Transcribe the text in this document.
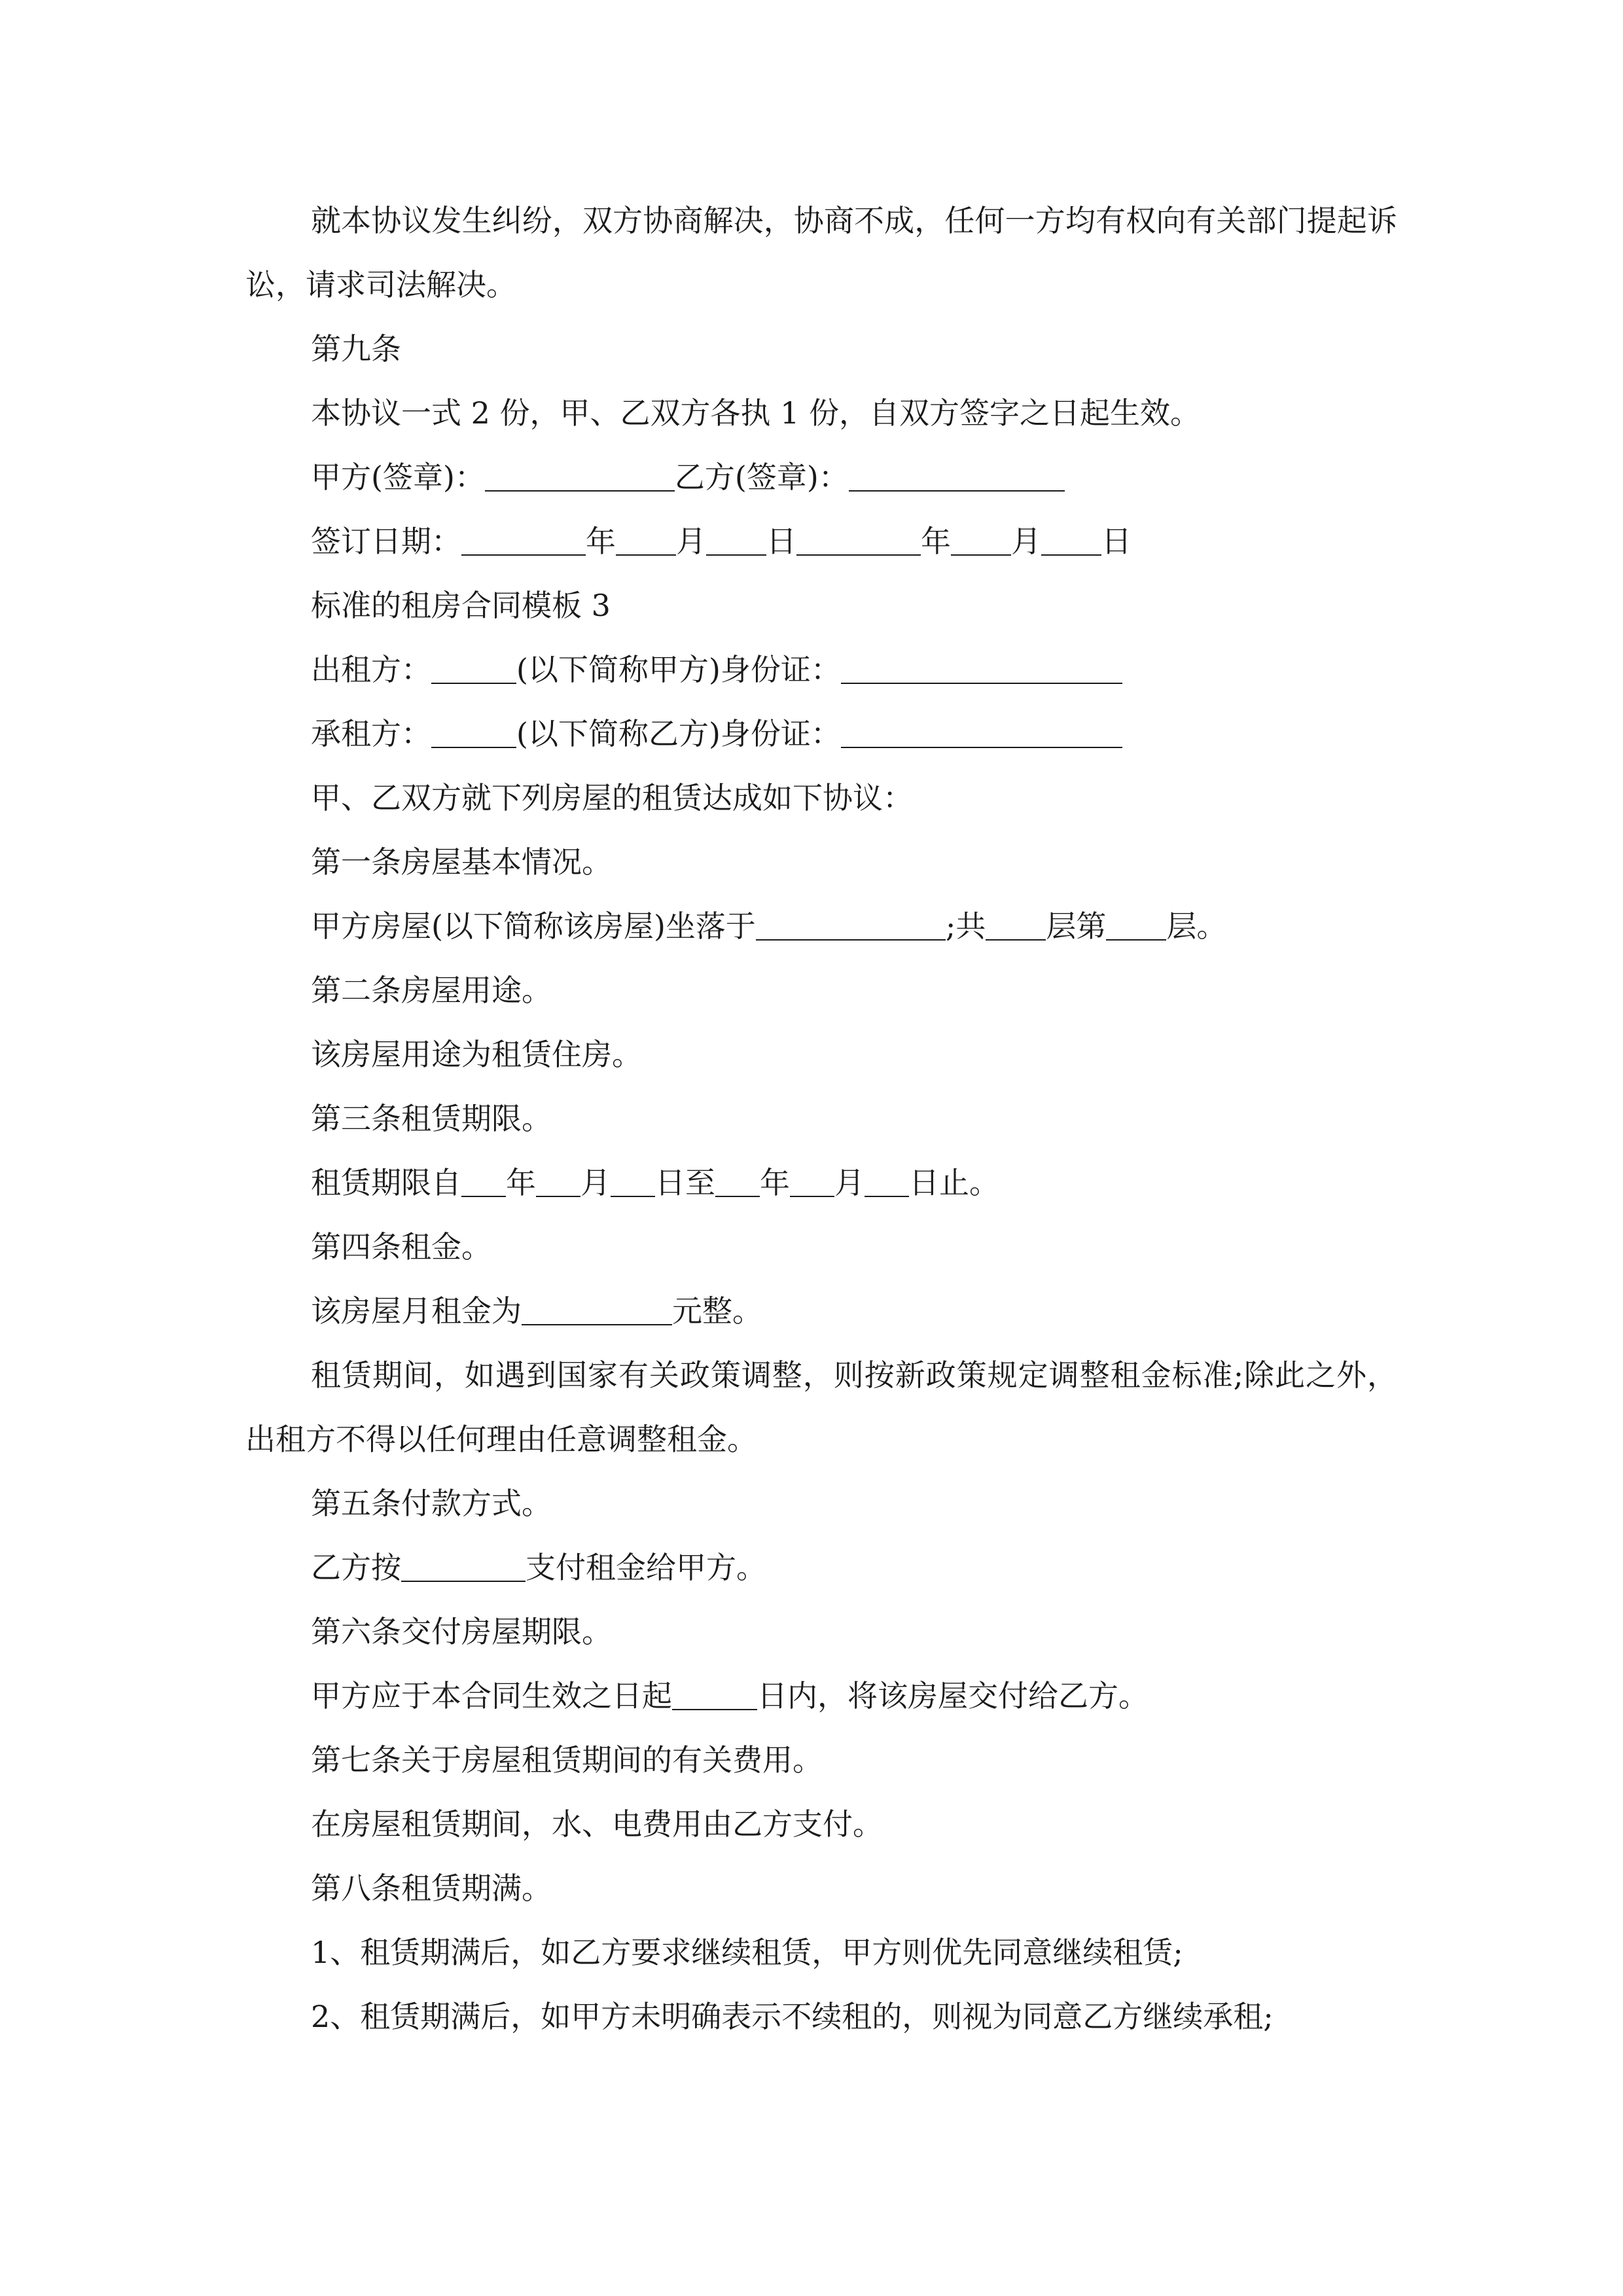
就本协议发生纠纷，双方协商解决，协商不成，任何一方均有权向有关部门提起诉讼，请求司法解决。

第九条

本协议一式 2 份，甲、乙双方各执 1 份，自双方签字之日起生效。

甲方(签章)：	乙方(签章)：

签订日期：	年 月 日	年 月 日

标准的租房合同模板 3

出租方：	(以下简称甲方)身份证：

承租方：	(以下简称乙方)身份证：

甲、乙双方就下列房屋的租赁达成如下协议：

第一条房屋基本情况。

甲方房屋(以下简称该房屋)坐落于	;共 层第 层。

第二条房屋用途。

该房屋用途为租赁住房。

第三条租赁期限。

租赁期限自 年 月 日至 年 月 日止。

第四条租金。

该房屋月租金为	元整。

租赁期间，如遇到国家有关政策调整，则按新政策规定调整租金标准;除此之外，出租方不得以任何理由任意调整租金。

第五条付款方式。

乙方按	支付租金给甲方。

第六条交付房屋期限。

甲方应于本合同生效之日起	日内，将该房屋交付给乙方。

第七条关于房屋租赁期间的有关费用。

在房屋租赁期间，水、电费用由乙方支付。

第八条租赁期满。

1、租赁期满后，如乙方要求继续租赁，甲方则优先同意继续租赁;

2、租赁期满后，如甲方未明确表示不续租的，则视为同意乙方继续承租;
